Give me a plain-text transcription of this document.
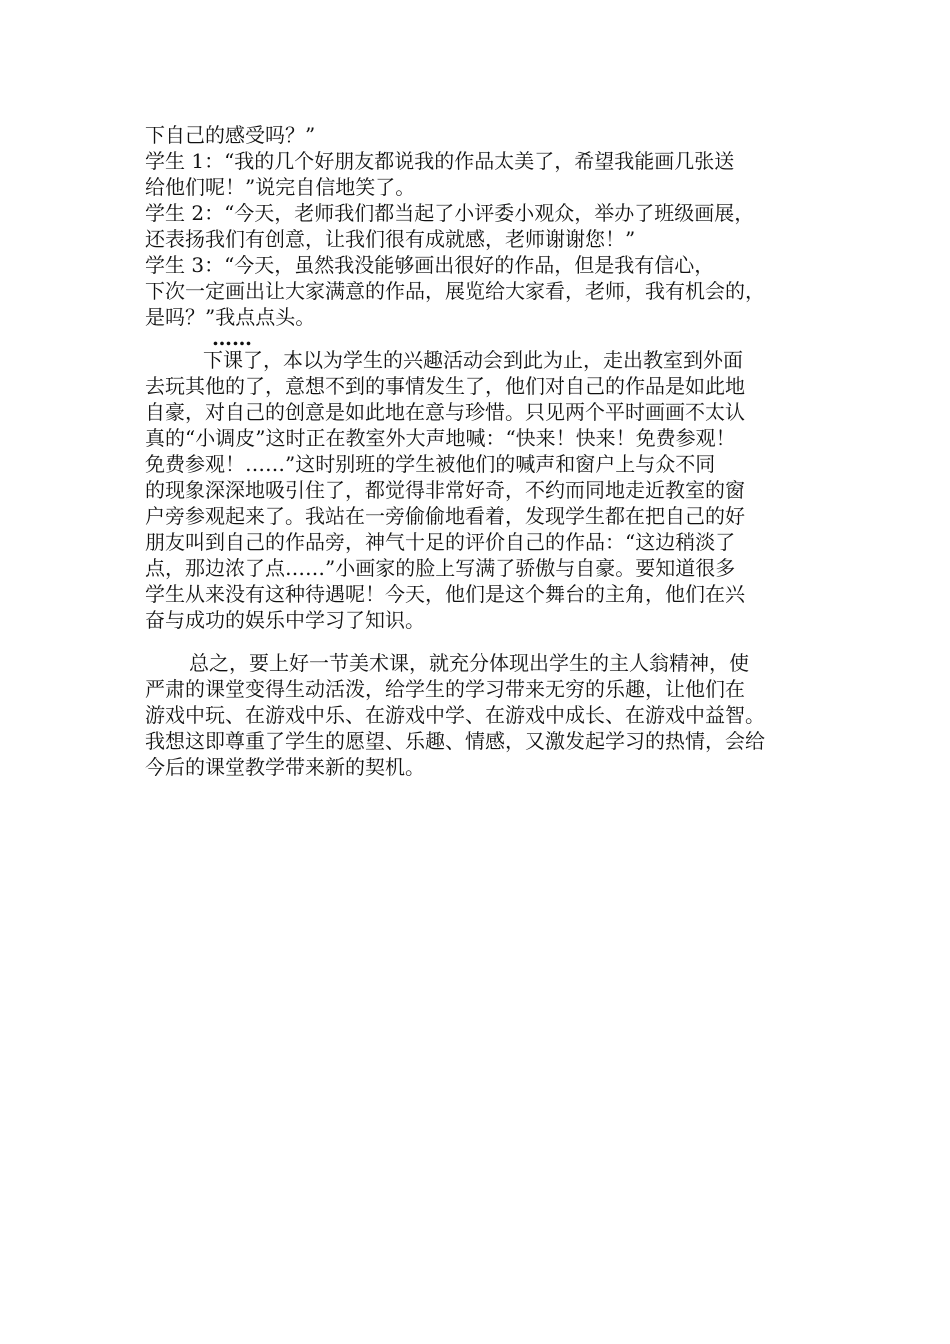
下自己的感受吗？”
学生 1：“我的几个好朋友都说我的作品太美了，希望我能画几张送
给他们呢！”说完自信地笑了。
学生 2：“今天，老师我们都当起了小评委小观众，举办了班级画展，
还表扬我们有创意，让我们很有成就感，老师谢谢您！”
学生 3：“今天，虽然我没能够画出很好的作品，但是我有信心，
下次一定画出让大家满意的作品，展览给大家看，老师，我有机会的，
是吗？”我点点头。
……
下课了，本以为学生的兴趣活动会到此为止，走出教室到外面
去玩其他的了，意想不到的事情发生了，他们对自己的作品是如此地
自豪，对自己的创意是如此地在意与珍惜。只见两个平时画画不太认
真的“小调皮”这时正在教室外大声地喊：“快来！快来！免费参观！
免费参观！……”这时别班的学生被他们的喊声和窗户上与众不同
的现象深深地吸引住了，都觉得非常好奇，不约而同地走近教室的窗
户旁参观起来了。我站在一旁偷偷地看着，发现学生都在把自己的好
朋友叫到自己的作品旁，神气十足的评价自己的作品：“这边稍淡了
点，那边浓了点……”小画家的脸上写满了骄傲与自豪。要知道很多
学生从来没有这种待遇呢！今天，他们是这个舞台的主角，他们在兴
奋与成功的娱乐中学习了知识。
总之，要上好一节美术课，就充分体现出学生的主人翁精神，使
严肃的课堂变得生动活泼，给学生的学习带来无穷的乐趣，让他们在
游戏中玩、在游戏中乐、在游戏中学、在游戏中成长、在游戏中益智。
我想这即尊重了学生的愿望、乐趣、情感，又激发起学习的热情，会给
今后的课堂教学带来新的契机。
